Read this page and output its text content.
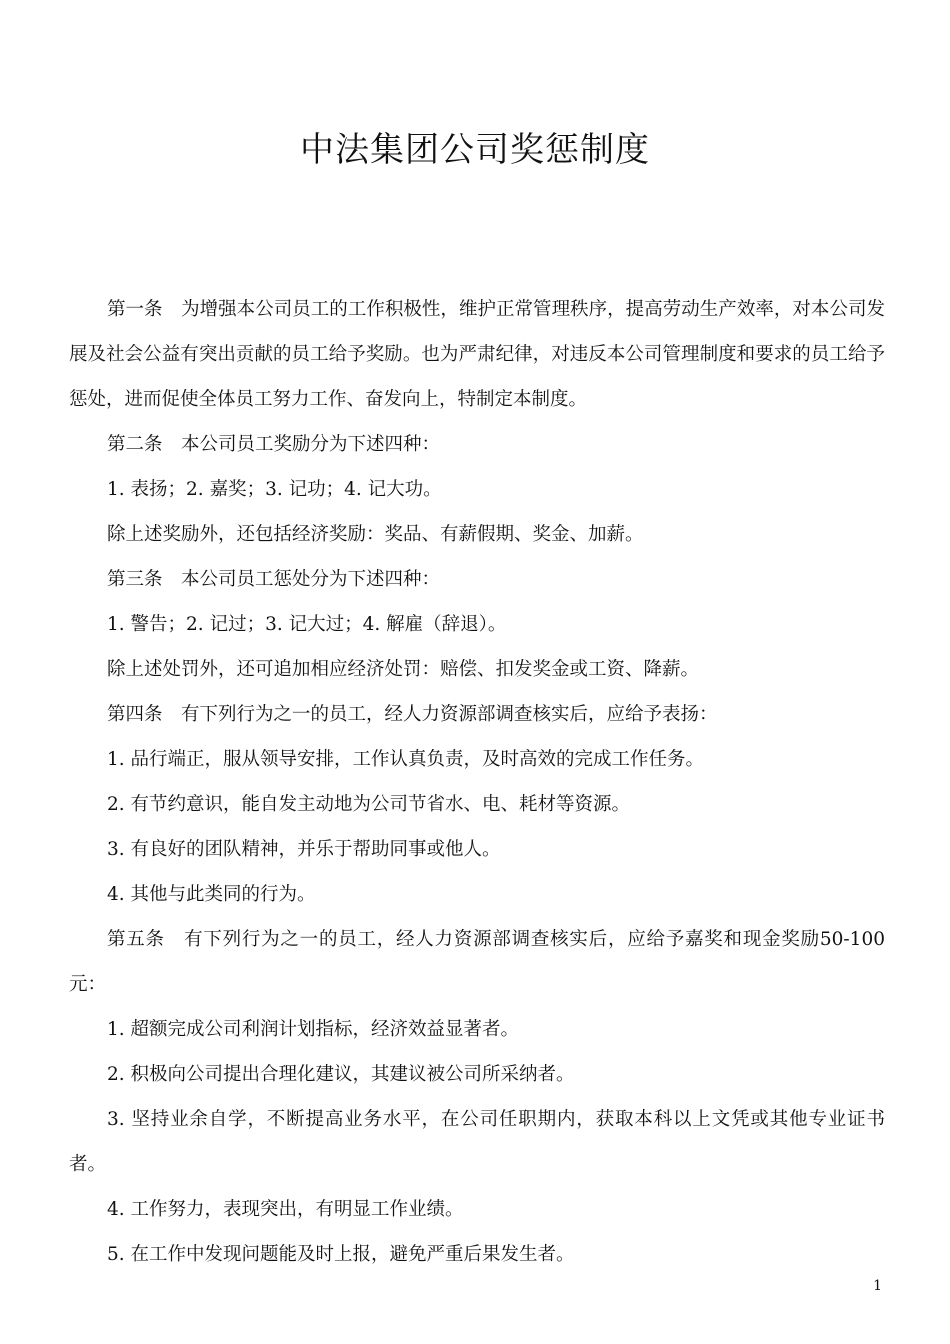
中法集团公司奖惩制度

第一条　为增强本公司员工的工作积极性，维护正常管理秩序，提高劳动生产效率，对本公司发展及社会公益有突出贡献的员工给予奖励。也为严肃纪律，对违反本公司管理制度和要求的员工给予惩处，进而促使全体员工努力工作、奋发向上，特制定本制度。

第二条　本公司员工奖励分为下述四种：

1. 表扬；2. 嘉奖；3. 记功；4. 记大功。

除上述奖励外，还包括经济奖励：奖品、有薪假期、奖金、加薪。

第三条　本公司员工惩处分为下述四种：

1. 警告；2. 记过；3. 记大过；4. 解雇（辞退）。

除上述处罚外，还可追加相应经济处罚：赔偿、扣发奖金或工资、降薪。

第四条　有下列行为之一的员工，经人力资源部调查核实后，应给予表扬：

1. 品行端正，服从领导安排，工作认真负责，及时高效的完成工作任务。

2. 有节约意识，能自发主动地为公司节省水、电、耗材等资源。

3. 有良好的团队精神，并乐于帮助同事或他人。

4. 其他与此类同的行为。

第五条　有下列行为之一的员工，经人力资源部调查核实后，应给予嘉奖和现金奖励50-100元：

1. 超额完成公司利润计划指标，经济效益显著者。

2. 积极向公司提出合理化建议，其建议被公司所采纳者。

3. 坚持业余自学，不断提高业务水平，在公司任职期内，获取本科以上文凭或其他专业证书者。

4. 工作努力，表现突出，有明显工作业绩。

5. 在工作中发现问题能及时上报，避免严重后果发生者。

1
